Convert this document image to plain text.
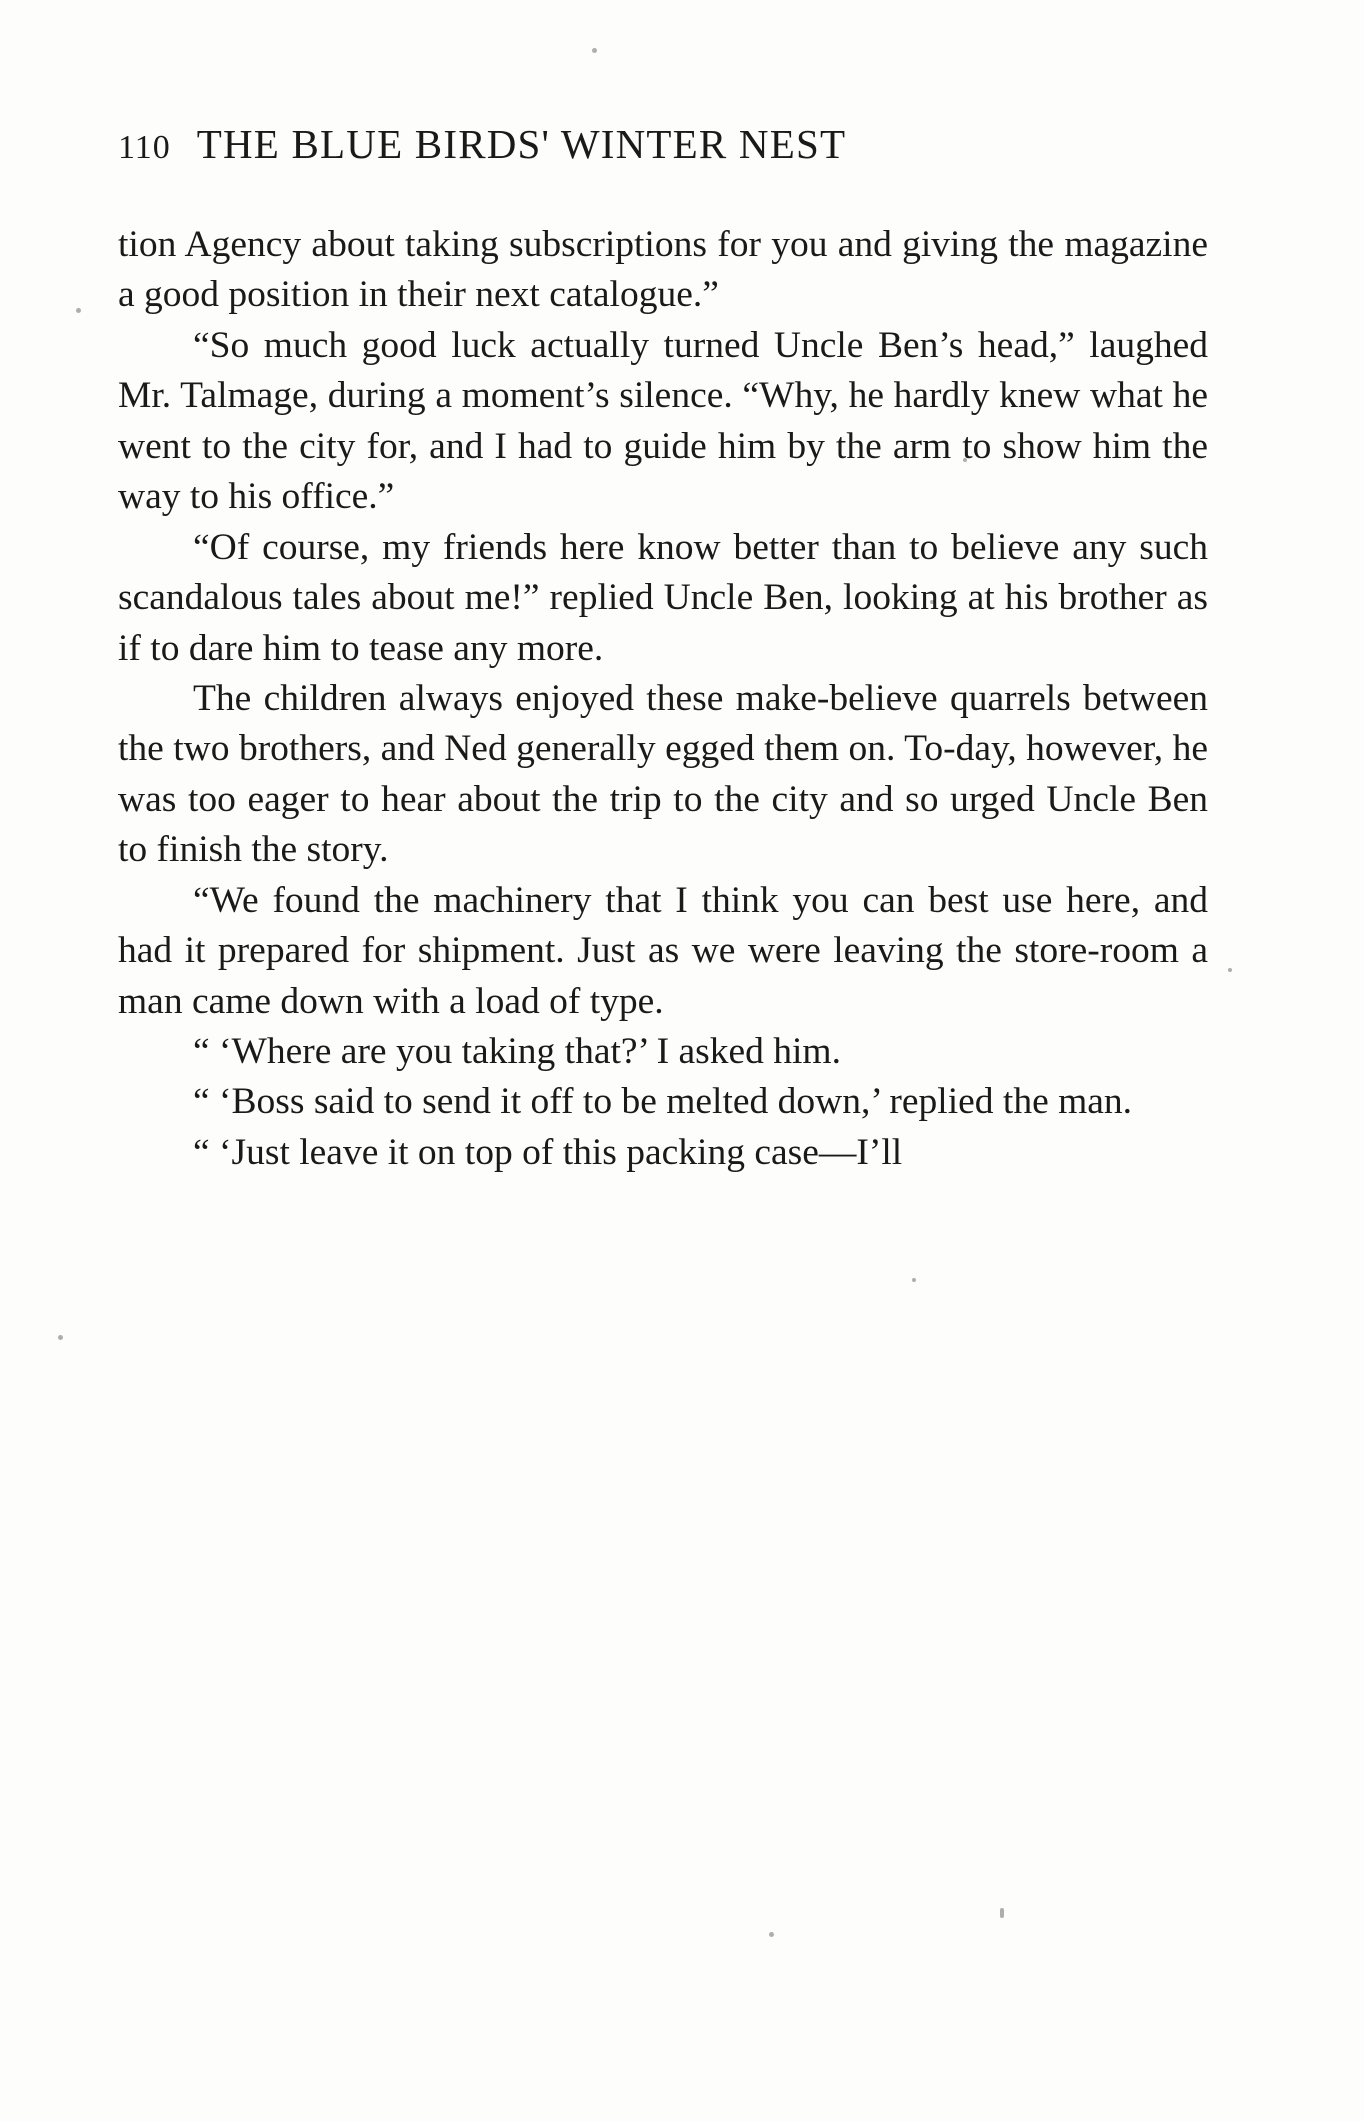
110 THE BLUE BIRDS' WINTER NEST

tion Agency about taking subscriptions for you and giving the magazine a good position in their next catalogue.”

“So much good luck actually turned Uncle Ben’s head,” laughed Mr. Talmage, during a moment’s silence. “Why, he hardly knew what he went to the city for, and I had to guide him by the arm to show him the way to his office.”

“Of course, my friends here know better than to believe any such scandalous tales about me!” replied Uncle Ben, looking at his brother as if to dare him to tease any more.

The children always enjoyed these make-believe quarrels between the two brothers, and Ned generally egged them on. To-day, however, he was too eager to hear about the trip to the city and so urged Uncle Ben to finish the story.

“We found the machinery that I think you can best use here, and had it prepared for shipment. Just as we were leaving the store-room a man came down with a load of type.

“ ‘Where are you taking that?’ I asked him.

“ ‘Boss said to send it off to be melted down,’ replied the man.

“ ‘Just leave it on top of this packing case—I’ll
